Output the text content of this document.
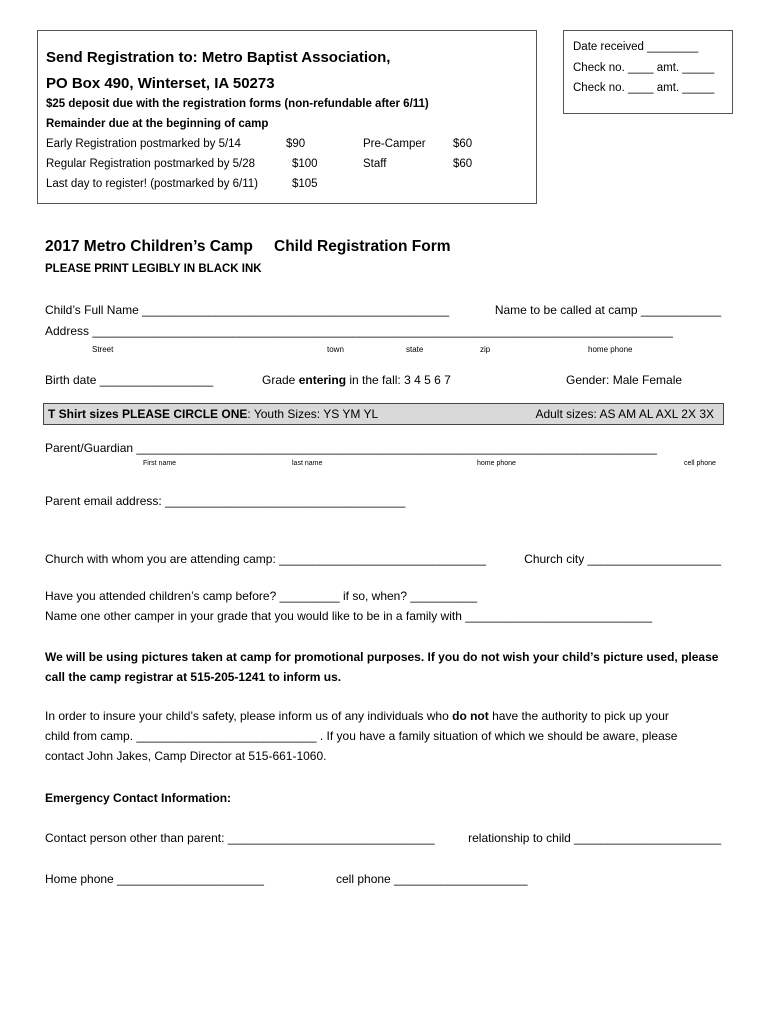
Send Registration to: Metro Baptist Association,
PO Box 490, Winterset, IA 50273
$25 deposit due with the registration forms (non-refundable after 6/11)
Remainder due at the beginning of camp
Early Registration postmarked by 5/14	$90	Pre-Camper $60
Regular Registration postmarked by 5/28	$100	Staff	$60
Last day to register! (postmarked by 6/11)	$105
Date received ________
Check no. ____ amt. _____
Check no. ____ amt. _____
2017 Metro Children’s Camp Child Registration Form
PLEASE PRINT LEGIBLY IN BLACK INK
Child’s Full Name ______________________________________________	Name to be called at camp ____________
Address _______________________________________________________________________________________
Street	town	state	zip	home phone
Birth date _________________	Grade entering in the fall: 3 4 5 6 7	Gender: Male Female
T Shirt sizes PLEASE CIRCLE ONE: Youth Sizes: YS YM YL	Adult sizes: AS AM AL AXL 2X 3X
Parent/Guardian ______________________________________________________________________________
First name	last name	home phone	cell phone
Parent email address: ____________________________________
Church with whom you are attending camp: _______________________________	Church city ____________________
Have you attended children’s camp before? _________ if so, when? __________
Name one other camper in your grade that you would like to be in a family with ____________________________
We will be using pictures taken at camp for promotional purposes. If you do not wish your child’s picture used, please
call the camp registrar at 515-205-1241 to inform us.
In order to insure your child’s safety, please inform us of any individuals who do not have the authority to pick up your
child from camp. ___________________________ . If you have a family situation of which we should be aware, please
contact John Jakes, Camp Director at 515-661-1060.
Emergency Contact Information:
Contact person other than parent: _______________________________	relationship to child ______________________
Home phone ______________________	cell phone ____________________
